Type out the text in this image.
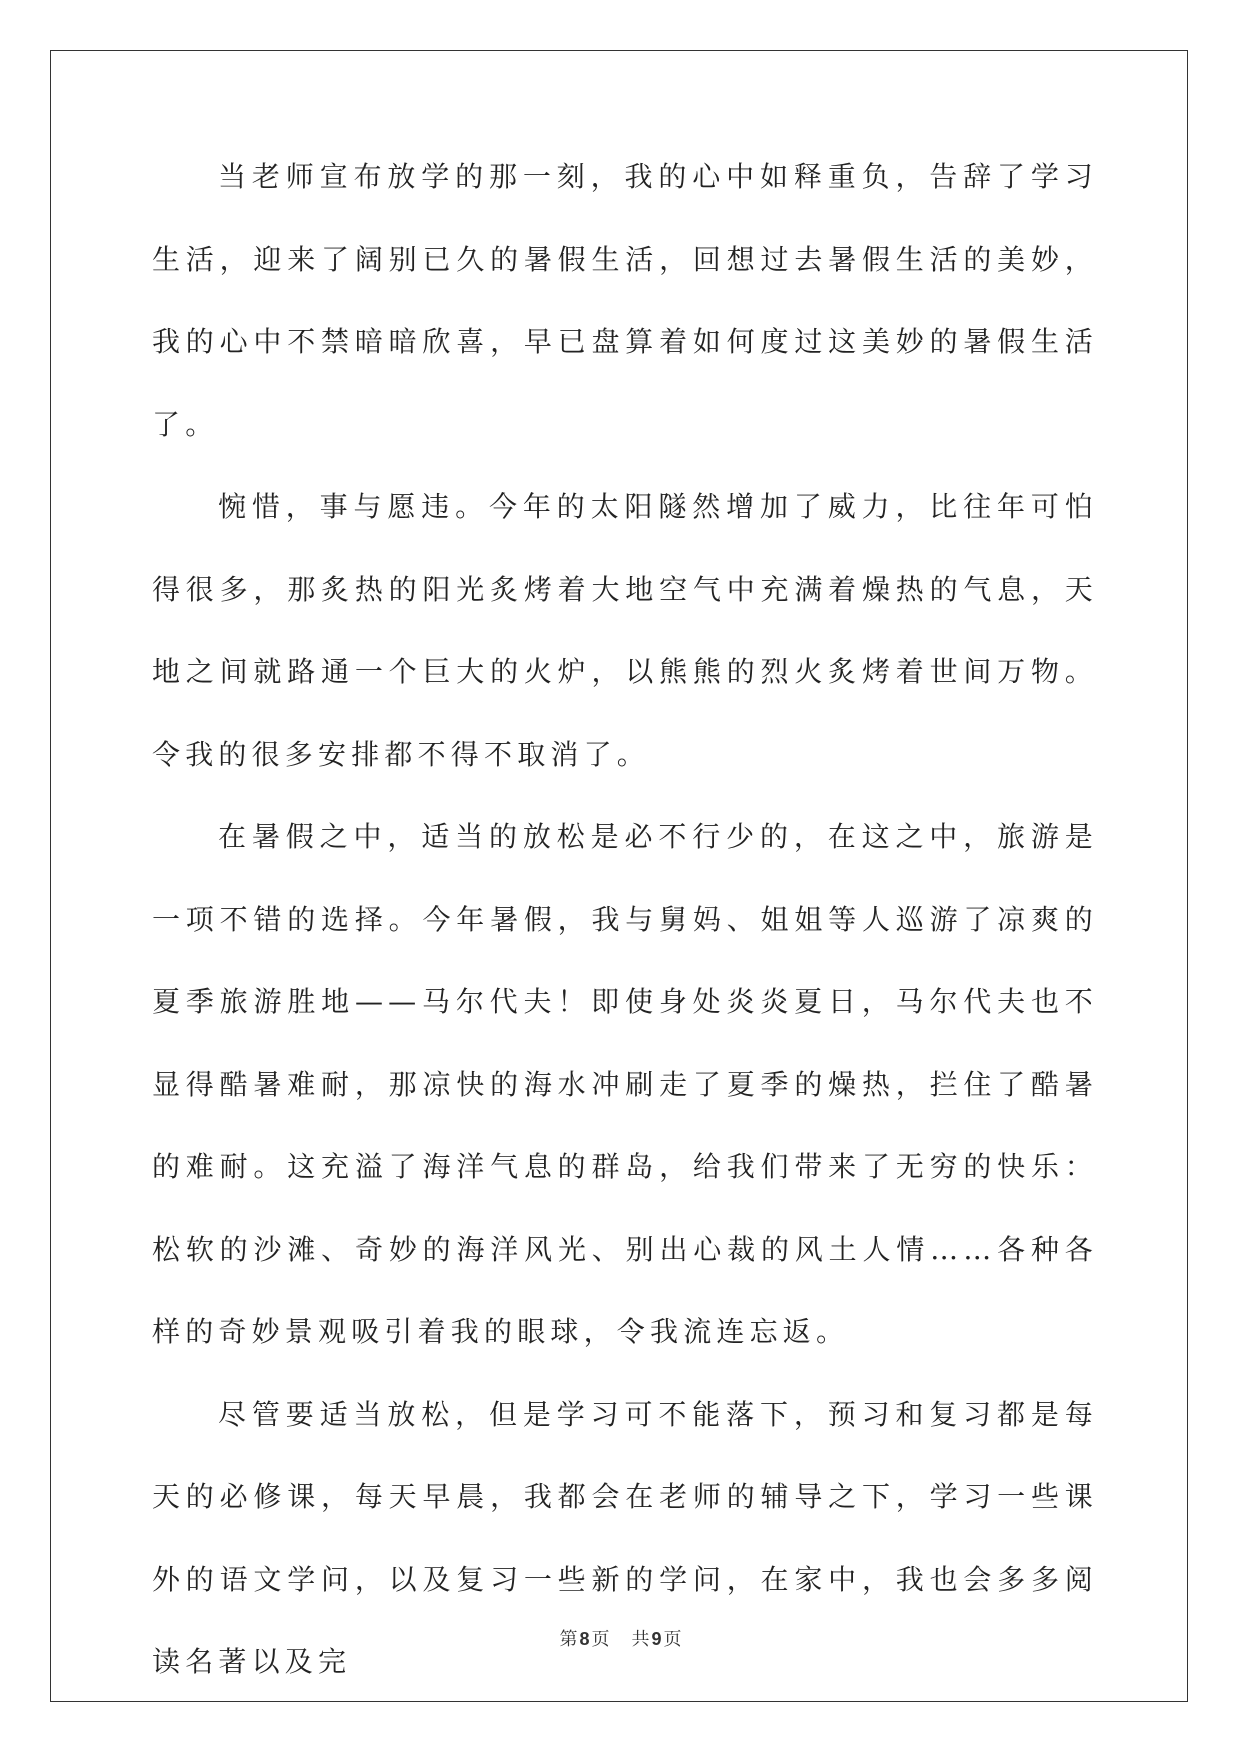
当老师宣布放学的那一刻，我的心中如释重负，告辞了学习生活，迎来了阔别已久的暑假生活，回想过去暑假生活的美妙，我的心中不禁暗暗欣喜，早已盘算着如何度过这美妙的暑假生活了。

惋惜，事与愿违。今年的太阳隧然增加了威力，比往年可怕得很多，那炙热的阳光炙烤着大地空气中充满着燥热的气息，天地之间就路通一个巨大的火炉，以熊熊的烈火炙烤着世间万物。令我的很多安排都不得不取消了。

在暑假之中，适当的放松是必不行少的，在这之中，旅游是一项不错的选择。今年暑假，我与舅妈、姐姐等人巡游了凉爽的夏季旅游胜地——马尔代夫！即使身处炎炎夏日，马尔代夫也不显得酷暑难耐，那凉快的海水冲刷走了夏季的燥热，拦住了酷暑的难耐。这充溢了海洋气息的群岛，给我们带来了无穷的快乐：松软的沙滩、奇妙的海洋风光、别出心裁的风土人情……各种各样的奇妙景观吸引着我的眼球，令我流连忘返。

尽管要适当放松，但是学习可不能落下，预习和复习都是每天的必修课，每天早晨，我都会在老师的辅导之下，学习一些课外的语文学问，以及复习一些新的学问，在家中，我也会多多阅读名著以及完

第 8 页 共 9 页
